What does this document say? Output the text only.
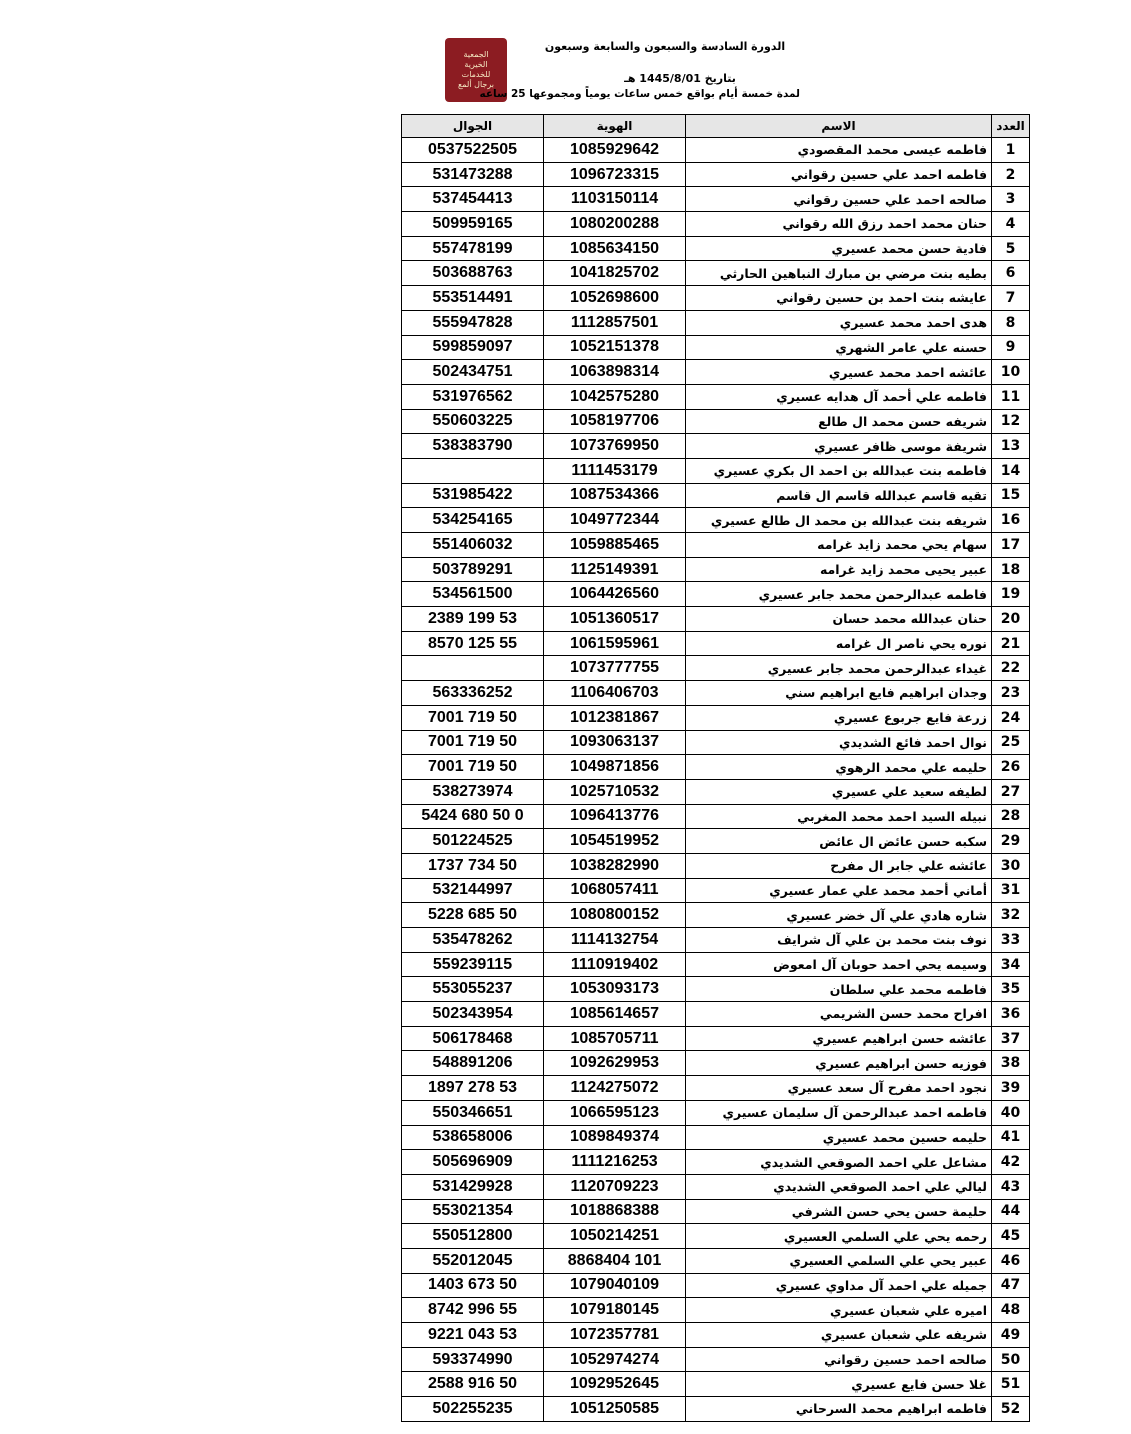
الجمعية
الخيرية
للخدمات
برجال ألمع
الدورة السادسة والسبعون والسابعة وسبعون
بتاريخ 1445/8/01 هـ
لمدة خمسة أيام بواقع خمس ساعات يومياً ومجموعها 25 ساعه
العدد	الاسم	الهوية	الجوال
1	فاطمه عيسى محمد المقصودي	1085929642	0537522505
2	فاطمه احمد علي حسين رقواني	1096723315	531473288
3	صالحه احمد علي حسين رقواني	1103150114	537454413
4	حنان محمد احمد رزق الله رقواني	1080200288	509959165
5	فادية حسن محمد عسيري	1085634150	557478199
6	بطيه بنت مرضي بن مبارك النباهين الحارثي	1041825702	503688763
7	عايشه بنت احمد بن حسين رقواني	1052698600	553514491
8	هدى احمد محمد عسيري	1112857501	555947828
9	حسنه علي عامر الشهري	1052151378	599859097
10	عائشه احمد محمد عسيري	1063898314	502434751
11	فاطمه علي أحمد آل هدايه عسيري	1042575280	531976562
12	شريفه حسن محمد ال طالع	1058197706	550603225
13	شريفة موسى ظافر عسيري	1073769950	538383790
14	فاطمه بنت عبدالله بن احمد ال بكري عسيري	1111453179	
15	تقيه قاسم عبدالله قاسم ال قاسم	1087534366	531985422
16	شريفه بنت عبدالله بن محمد ال طالع عسيري	1049772344	534254165
17	سهام يحي محمد زايد غرامه	1059885465	551406032
18	عبير يحيى محمد زايد غرامه	1125149391	503789291
19	فاطمه عبدالرحمن محمد جابر عسيري	1064426560	534561500
20	حنان عبدالله محمد حسان	1051360517	53 199 2389
21	نوره يحي ناصر ال غرامه	1061595961	55 125 8570
22	غيداء عبدالرحمن محمد جابر عسيري	1073777755	
23	وجدان ابراهيم فايع ابراهيم سني	1106406703	563336252
24	زرعة فايع جربوع عسيري	1012381867	50 719 7001
25	نوال احمد فائع الشديدي	1093063137	50 719 7001
26	حليمه علي محمد الرهوي	1049871856	50 719 7001
27	لطيفه سعيد علي عسيري	1025710532	538273974
28	نبيله السيد احمد محمد المغربي	1096413776	0 50 680 5424
29	سكبه حسن عائض ال عائض	1054519952	501224525
30	عائشه علي جابر ال مفرح	1038282990	50 734 1737
31	أماني أحمد محمد علي عمار عسيري	1068057411	532144997
32	شاره هادي علي آل خضر عسيري	1080800152	50 685 5228
33	نوف بنت محمد بن علي آل شرايف	1114132754	535478262
34	وسيمه يحي احمد حوبان آل امعوض	1110919402	559239115
35	فاطمه محمد علي سلطان	1053093173	553055237
36	افراح محمد حسن الشريمي	1085614657	502343954
37	عائشه حسن ابراهيم عسيري	1085705711	506178468
38	فوزيه حسن ابراهيم عسيري	1092629953	548891206
39	نجود احمد مفرح آل سعد عسيري	1124275072	53 278 1897
40	فاطمه احمد عبدالرحمن آل سليمان عسيري	1066595123	550346651
41	حليمه حسين محمد عسيري	1089849374	538658006
42	مشاعل علي احمد الصوقعي الشديدي	1111216253	505696909
43	ليالي علي احمد الصوقعي الشديدي	1120709223	531429928
44	حليمة حسن يحي حسن الشرفي	1018868388	553021354
45	رحمه يحي علي السلمي العسيري	1050214251	550512800
46	عبير يحي علي السلمي العسيري	101 8868404	552012045
47	جميله علي احمد آل مداوي عسيري	1079040109	50 673 1403
48	اميره علي شعبان عسيري	1079180145	55 996 8742
49	شريفه علي شعبان عسيري	1072357781	53 043 9221
50	صالحه احمد حسين رقواني	1052974274	593374990
51	غلا حسن فايع عسيري	1092952645	50 916 2588
52	فاطمه ابراهيم محمد السرحاني	1051250585	502255235
